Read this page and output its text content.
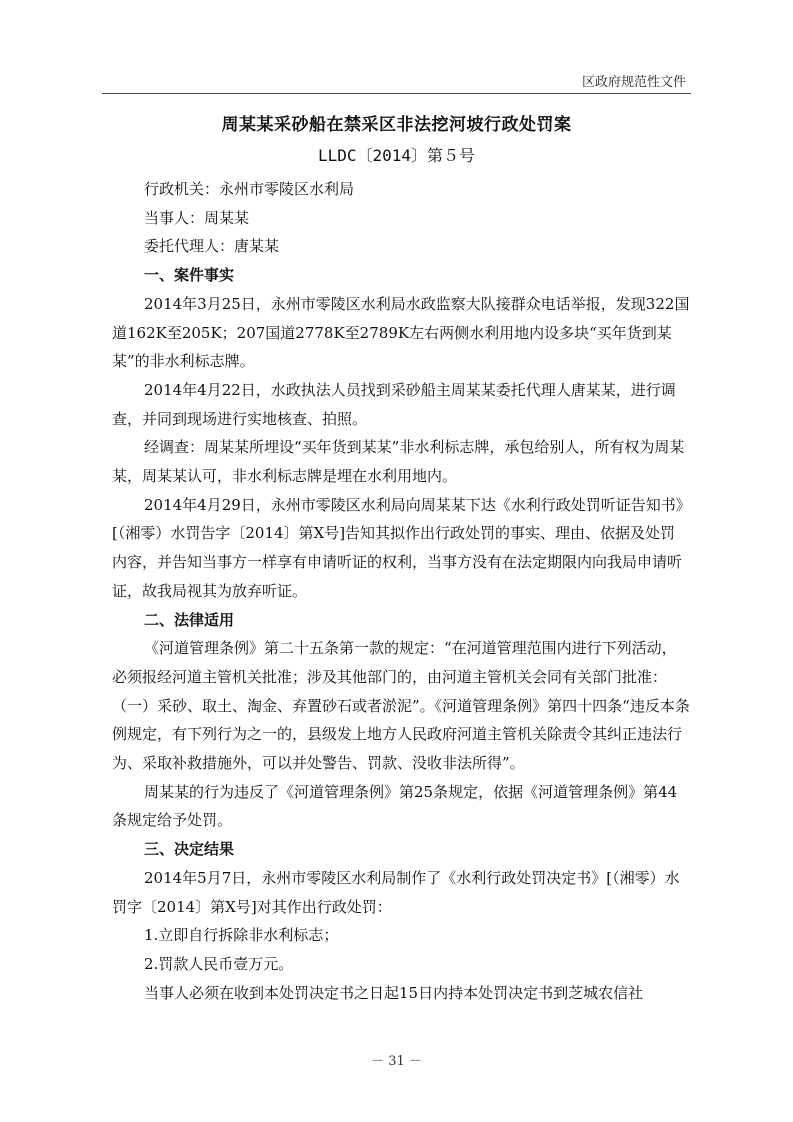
区政府规范性文件
周某某采砂船在禁采区非法挖河坡行政处罚案
LLDC〔2014〕第５号

行政机关：永州市零陵区水利局

当事人：周某某

委托代理人：唐某某

一、案件事实

2014年3月25日，永州市零陵区水利局水政监察大队接群众电话举报，发现322国道162K至205K；207国道2778K至2789K左右两侧水利用地内设多块“买年货到某某”的非水利标志牌。

2014年4月22日，水政执法人员找到采砂船主周某某委托代理人唐某某，进行调查，并同到现场进行实地核查、拍照。

经调查：周某某所埋设“买年货到某某”非水利标志牌，承包给别人，所有权为周某某，周某某认可，非水利标志牌是埋在水利用地内。

2014年4月29日，永州市零陵区水利局向周某某下达《水利行政处罚听证告知书》[（湘零）水罚告字〔2014〕第X号]告知其拟作出行政处罚的事实、理由、依据及处罚内容，并告知当事方一样享有申请听证的权利，当事方没有在法定期限内向我局申请听证，故我局视其为放弃听证。

二、法律适用

《河道管理条例》第二十五条第一款的规定：“在河道管理范围内进行下列活动，必须报经河道主管机关批准；涉及其他部门的，由河道主管机关会同有关部门批准：（一）采砂、取土、淘金、弃置砂石或者淤泥”。《河道管理条例》第四十四条“违反本条例规定，有下列行为之一的，县级发上地方人民政府河道主管机关除责令其纠正违法行为、采取补救措施外，可以并处警告、罚款、没收非法所得”。

周某某的行为违反了《河道管理条例》第25条规定，依据《河道管理条例》第44条规定给予处罚。

三、决定结果

2014年5月7日，永州市零陵区水利局制作了《水利行政处罚决定书》[（湘零）水罚字〔2014〕第X号]对其作出行政处罚：

1.立即自行拆除非水利标志；

2.罚款人民币壹万元。

当事人必须在收到本处罚决定书之日起15日内持本处罚决定书到芝城农信社

－ 31 －
